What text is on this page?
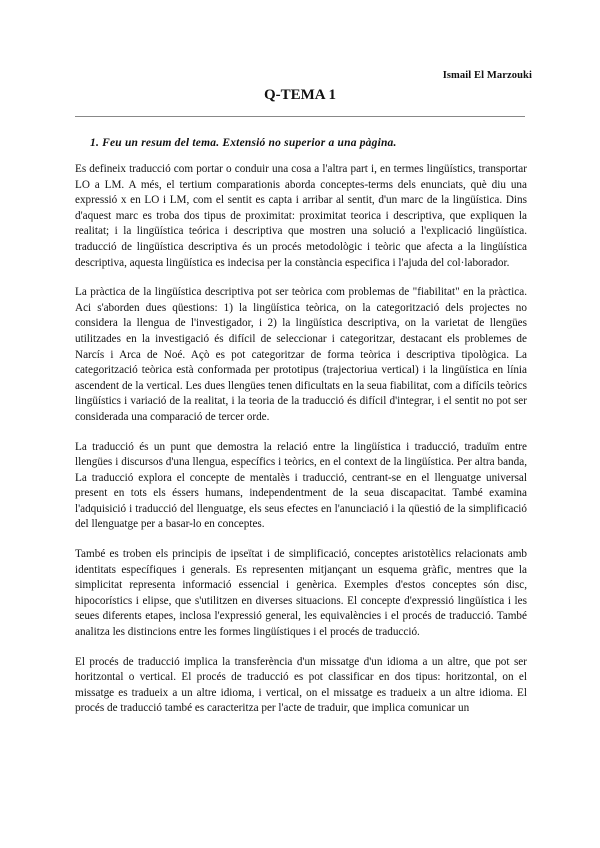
Ismail El Marzouki
Q-TEMA 1
1. Feu un resum del tema. Extensió no superior a una pàgina.

Es defineix traducció com portar o conduir una cosa a l'altra part i, en termes lingüístics, transportar LO a LM. A més, el tertium comparationis aborda conceptes-terms dels enunciats, què diu una expressió x en LO i LM, com el sentit es capta i arribar al sentit, d'un marc de la lingüística. Dins d'aquest marc es troba dos tipus de proximitat: proximitat teorica i descriptiva, que expliquen la realitat; i la lingüística teórica i descriptiva que mostren una solució a l'explicació lingüística. traducció de lingüística descriptiva és un procés metodològic i teòric que afecta a la lingüística descriptiva, aquesta lingüística es indecisa per la constància especifica i l'ajuda del col·laborador.

La pràctica de la lingüística descriptiva pot ser teòrica com problemas de "fiabilitat" en la pràctica. Aci s'aborden dues qüestions: 1) la lingüística teòrica, on la categorització dels projectes no considera la llengua de l'investigador, i 2) la lingüística descriptiva, on la varietat de llengües utilitzades en la investigació és difícil de seleccionar i categoritzar, destacant els problemes de Narcís i Arca de Noé. Açò es pot categoritzar de forma teòrica i descriptiva tipològica. La categorització teòrica està conformada per prototipus (trajectoriua vertical) i la lingüística en línia ascendent de la vertical. Les dues llengües tenen dificultats en la seua fiabilitat, com a difícils teòrics lingüístics i variació de la realitat, i la teoria de la traducció és difícil d'integrar, i el sentit no pot ser considerada una comparació de tercer orde.

La traducció és un punt que demostra la relació entre la lingüística i traducció, traduïm entre llengües i discursos d'una llengua, específics i teòrics, en el context de la lingüística. Per altra banda, La traducció explora el concepte de mentalès i traducció, centrant-se en el llenguatge universal present en tots els éssers humans, independentment de la seua discapacitat. També examina l'adquisició i traducció del llenguatge, els seus efectes en l'anunciació i la qüestió de la simplificació del llenguatge per a basar-lo en conceptes.

També es troben els principis de ipseïtat i de simplificació, conceptes aristotèlics relacionats amb identitats específiques i generals. Es representen mitjançant un esquema gràfic, mentres que la simplicitat representa informació essencial i genèrica. Exemples d'estos conceptes són disc, hipocorístics i elipse, que s'utilitzen en diverses situacions. El concepte d'expressió lingüística i les seues diferents etapes, inclosa l'expressió general, les equivalències i el procés de traducció. També analitza les distincions entre les formes lingüístiques i el procés de traducció.

El procés de traducció implica la transferència d'un missatge d'un idioma a un altre, que pot ser horitzontal o vertical. El procés de traducció es pot classificar en dos tipus: horitzontal, on el missatge es tradueix a un altre idioma, i vertical, on el missatge es tradueix a un altre idioma. El procés de traducció també es caracteritza per l'acte de traduir, que implica comunicar un
